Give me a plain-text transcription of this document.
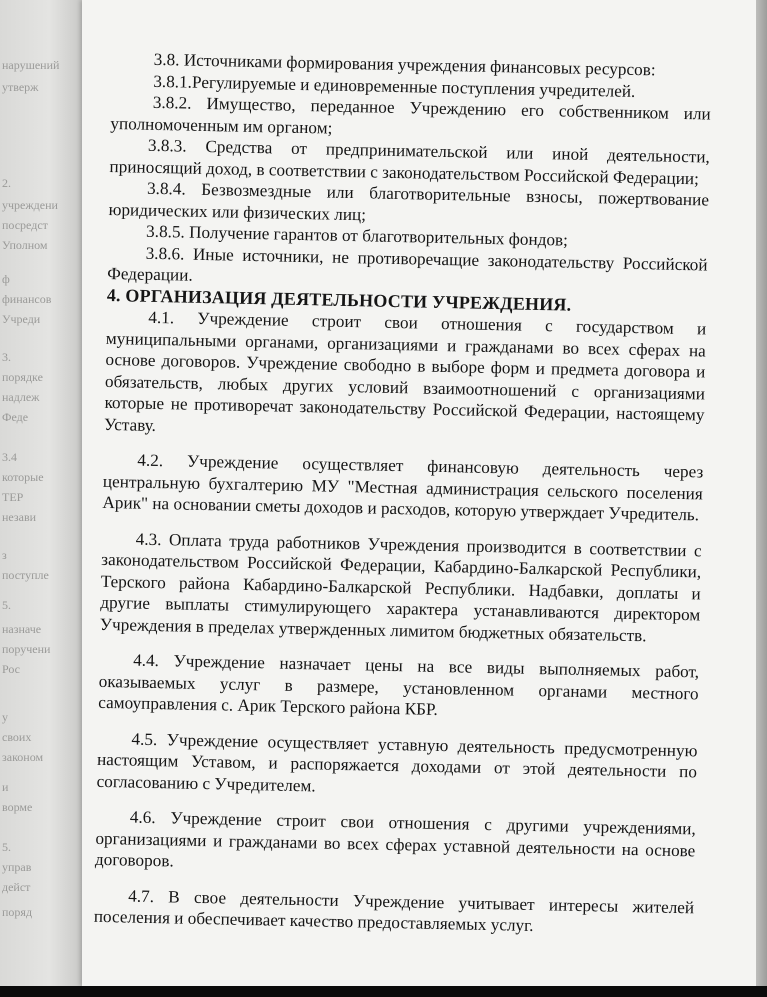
нарушений
утверж
2.
учреждени
посредст
Уполном
ф
финансов
Учреди
3.
порядке
надлеж
Феде
3.4
которые
ТЕР
незави
з
поступле
5.
назначе
поручени
Рос
у
своих
законом
и
ворме
5.
управ
дейст
поряд

3.8. Источниками формирования учреждения финансовых ресурсов:

3.8.1.Регулируемые и единовременные поступления учредителей.

3.8.2. Имущество, переданное Учреждению его собственником или уполномоченным им органом;

3.8.3. Средства от предпринимательской или иной деятельности, приносящий доход, в соответствии с законодательством Российской Федерации;

3.8.4. Безвозмездные или благотворительные взносы, пожертвование юридических или физических лиц;

3.8.5. Получение гарантов от благотворительных фондов;

3.8.6. Иные источники, не противоречащие законодательству Российской Федерации.

4. ОРГАНИЗАЦИЯ ДЕЯТЕЛЬНОСТИ УЧРЕЖДЕНИЯ.

4.1. Учреждение строит свои отношения с государством и муниципальными органами, организациями и гражданами во всех сферах на основе договоров. Учреждение свободно в выборе форм и предмета договора и обязательств, любых других условий взаимоотношений с организациями которые не противоречат законодательству Российской Федерации, настоящему Уставу.

4.2. Учреждение осуществляет финансовую деятельность через центральную бухгалтерию МУ "Местная администрация сельского поселения Арик" на основании сметы доходов и расходов, которую утверждает Учредитель.

4.3. Оплата труда работников Учреждения производится в соответствии с законодательством Российской Федерации, Кабардино-Балкарской Республики, Терского района Кабардино-Балкарской Республики. Надбавки, доплаты и другие выплаты стимулирующего характера устанавливаются директором Учреждения в пределах утвержденных лимитом бюджетных обязательств.

4.4. Учреждение назначает цены на все виды выполняемых работ, оказываемых услуг в размере, установленном органами местного самоуправления с. Арик Терского района КБР.

4.5. Учреждение осуществляет уставную деятельность предусмотренную настоящим Уставом, и распоряжается доходами от этой деятельности по согласованию с Учредителем.

4.6. Учреждение строит свои отношения с другими учреждениями, организациями и гражданами во всех сферах уставной деятельности на основе договоров.

4.7. В свое деятельности Учреждение учитывает интересы жителей поселения и обеспечивает качество предоставляемых услуг.
